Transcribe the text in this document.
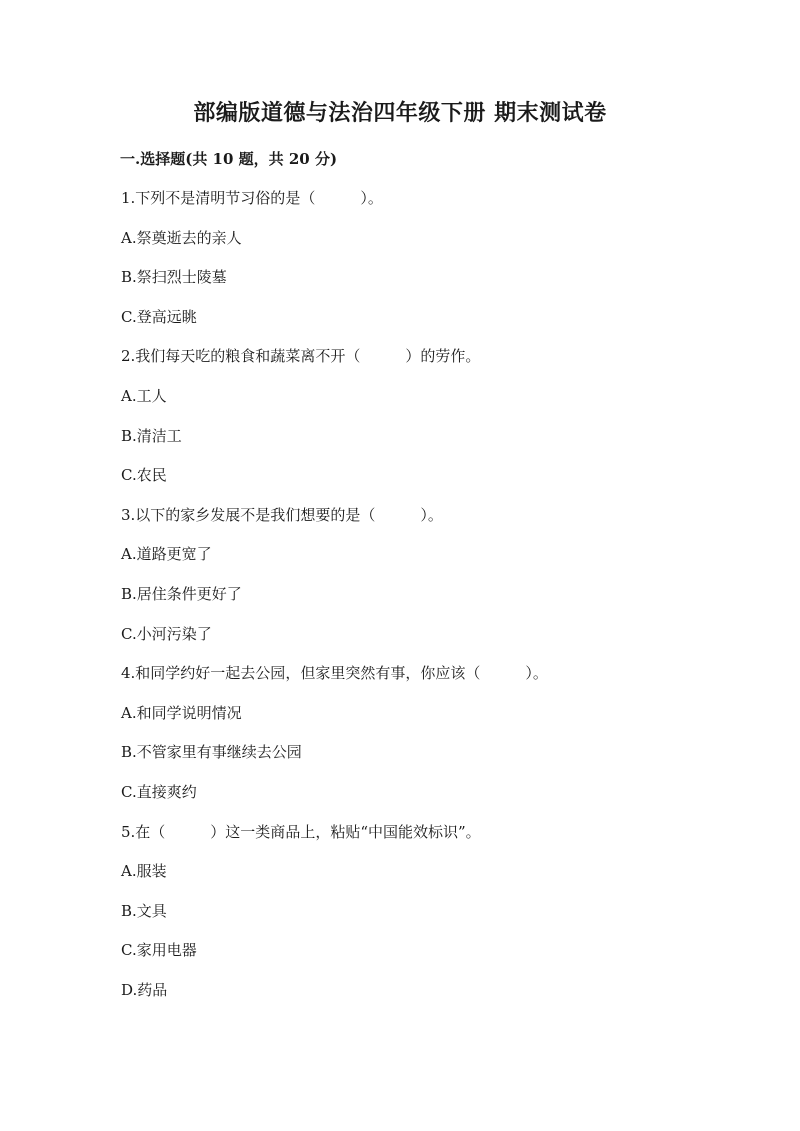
部编版道德与法治四年级下册 期末测试卷
一.选择题(共 10 题，共 20 分)
1.下列不是清明节习俗的是（　　　）。
A.祭奠逝去的亲人
B.祭扫烈士陵墓
C.登高远眺
2.我们每天吃的粮食和蔬菜离不开（　　　）的劳作。
A.工人
B.清洁工
C.农民
3.以下的家乡发展不是我们想要的是（　　　）。
A.道路更宽了
B.居住条件更好了
C.小河污染了
4.和同学约好一起去公园，但家里突然有事，你应该（　　　）。
A.和同学说明情况
B.不管家里有事继续去公园
C.直接爽约
5.在（　　　）这一类商品上，粘贴“中国能效标识”。
A.服装
B.文具
C.家用电器
D.药品
